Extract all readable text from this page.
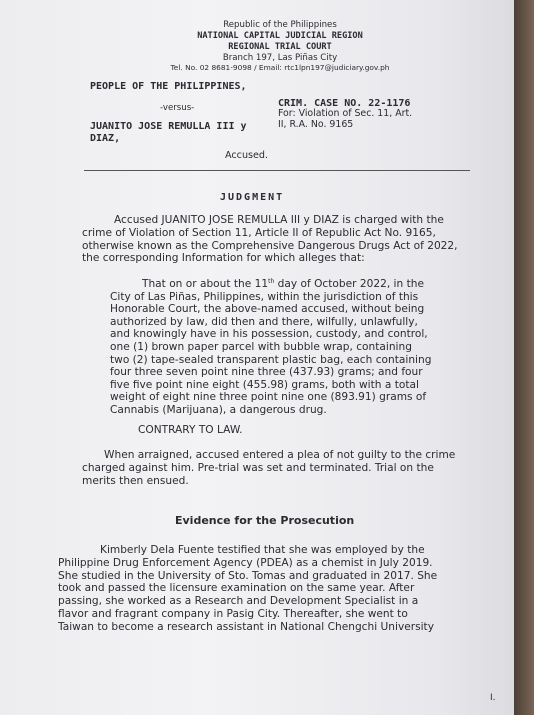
Republic of the Philippines
NATIONAL CAPITAL JUDICIAL REGION
REGIONAL TRIAL COURT
Branch 197, Las Piñas City
Tel. No. 02 8681-9098 / Email: rtc1lpn197@judiciary.gov.ph
PEOPLE OF THE PHILIPPINES,
-versus-	CRIM. CASE NO. 22-1176
For: Violation of Sec. 11, Art.
II, R.A. No. 9165
JUANITO JOSE REMULLA III y
DIAZ,
Accused.
JUDGMENT
Accused JUANITO JOSE REMULLA III y DIAZ is charged with the
crime of Violation of Section 11, Article II of Republic Act No. 9165,
otherwise known as the Comprehensive Dangerous Drugs Act of 2022,
the corresponding Information for which alleges that:
That on or about the 11th day of October 2022, in the
City of Las Piñas, Philippines, within the jurisdiction of this
Honorable Court, the above-named accused, without being
authorized by law, did then and there, wilfully, unlawfully,
and knowingly have in his possession, custody, and control,
one (1) brown paper parcel with bubble wrap, containing
two (2) tape-sealed transparent plastic bag, each containing
four three seven point nine three (437.93) grams; and four
five five point nine eight (455.98) grams, both with a total
weight of eight nine three point nine one (893.91) grams of
Cannabis (Marijuana), a dangerous drug.
CONTRARY TO LAW.
When arraigned, accused entered a plea of not guilty to the crime
charged against him. Pre-trial was set and terminated. Trial on the
merits then ensued.
Evidence for the Prosecution
Kimberly Dela Fuente testified that she was employed by the
Philippine Drug Enforcement Agency (PDEA) as a chemist in July 2019.
She studied in the University of Sto. Tomas and graduated in 2017. She
took and passed the licensure examination on the same year. After
passing, she worked as a Research and Development Specialist in a
flavor and fragrant company in Pasig City. Thereafter, she went to
Taiwan to become a research assistant in National Chengchi University
I.
